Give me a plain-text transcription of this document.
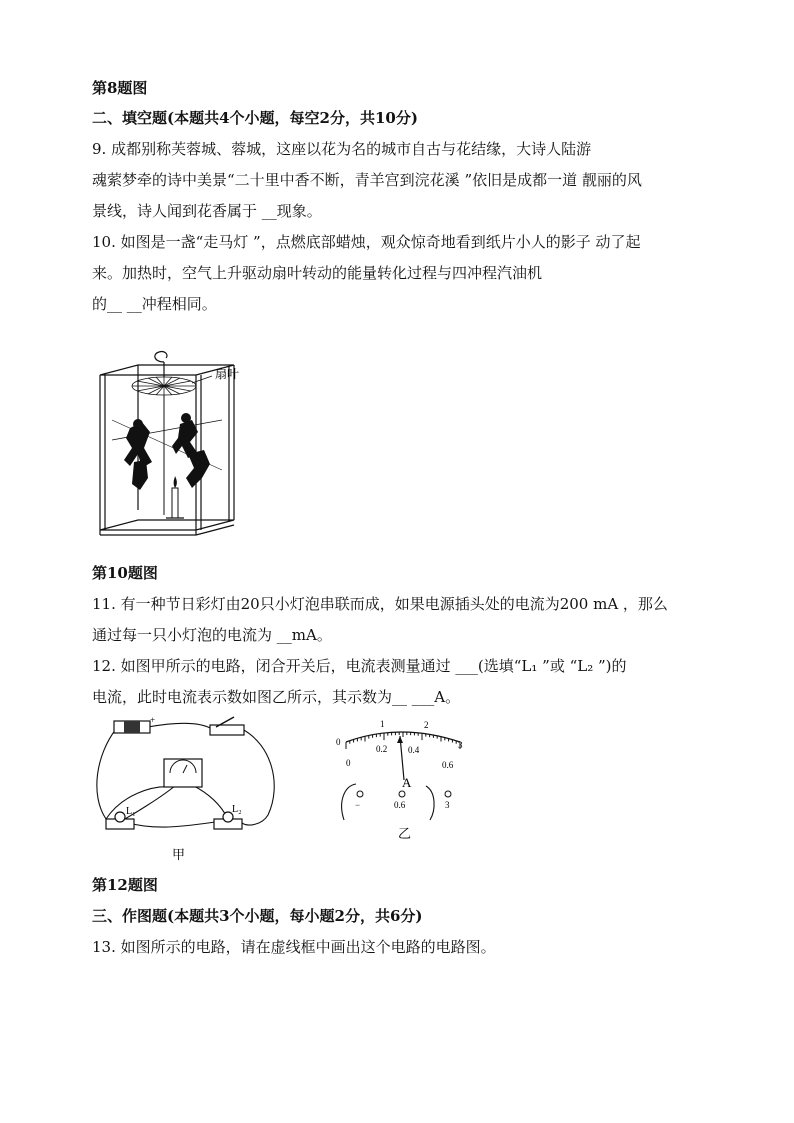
第8题图
二、填空题(本题共4个小题，每空2分，共10分)
9. 成都别称芙蓉城、蓉城，这座以花为名的城市自古与花结缘，大诗人陆游
魂萦梦牵的诗中美景“二十里中香不断，青羊宫到浣花溪 ”依旧是成都一道 靓丽的风
景线，诗人闻到花香属于 __现象。
10. 如图是一盏“走马灯 ”，点燃底部蜡烛，观众惊奇地看到纸片小人的影子 动了起
来。加热时，空气上升驱动扇叶转动的能量转化过程与四冲程汽油机
的__ __冲程相同。
扇叶
第10题图
11. 有一种节日彩灯由20只小灯泡串联而成，如果电源插头处的电流为200 mA ，那么
通过每一只小灯泡的电流为 __mA。
12. 如图甲所示的电路，闭合开关后，电流表测量通过 ___(选填“L₁ ”或 “L₂ ”)的
电流，此时电流表示数如图乙所示，其示数为__ ___A。
+
L₁	L₂
甲
0
1	2
3
0
0.2 0.4
0.6
A
−	0.6	3
乙
第12题图
三、作图题(本题共3个小题，每小题2分，共6分)
13. 如图所示的电路，请在虚线框中画出这个电路的电路图。
